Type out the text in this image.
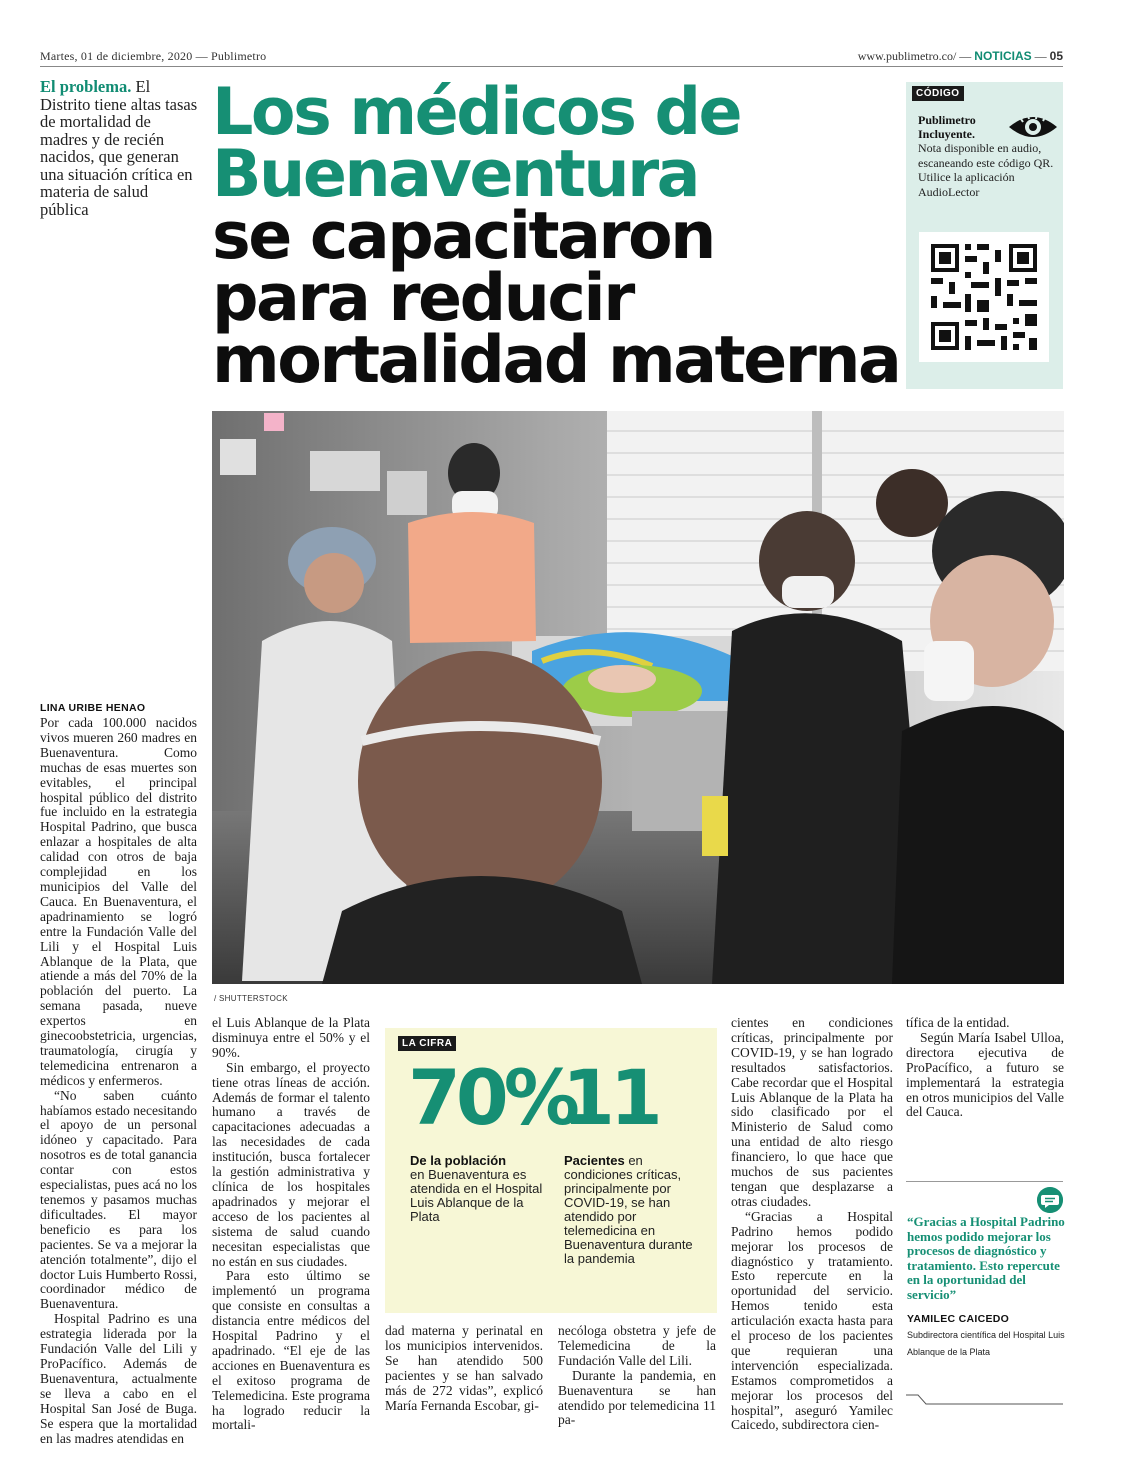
Martes, 01 de diciembre, 2020 — Publimetro	www.publimetro.co/ — NOTICIAS — 05
El problema. El Distrito tiene altas tasas de mortalidad de madres y de recién nacidos, que generan una situación crítica en materia de salud pública
Los médicos de
Buenaventura
se capacitaron
para reducir
mortalidad materna
CÓDIGO
Publimetro
Incluyente.
Nota disponible en audio, escaneando este código QR. Utilice la aplicación AudioLector
/ SHUTTERSTOCK
LINA URIBE HENAO

Por cada 100.000 nacidos vivos mueren 260 madres en Buenaventura. Como muchas de esas muertes son evitables, el principal hospital público del distrito fue incluido en la estrategia Hospital Padrino, que busca enlazar a hospitales de alta calidad con otros de baja complejidad en los municipios del Valle del Cauca. En Buenaventura, el apadrinamiento se logró entre la Fundación Valle del Lili y el Hospital Luis Ablanque de la Plata, que atiende a más del 70% de la población del puerto. La semana pasada, nueve expertos en ginecoobstetricia, urgencias, traumatología, cirugía y telemedicina entrenaron a médicos y enfermeros.

“No saben cuánto habíamos estado necesitando el apoyo de un personal idóneo y capacitado. Para nosotros es de total ganancia contar con estos especialistas, pues acá no los tenemos y pasamos muchas dificultades. El mayor beneficio es para los pacientes. Se va a mejorar la atención totalmente”, dijo el doctor Luis Humberto Rossi, coordinador médico de Buenaventura.

Hospital Padrino es una estrategia liderada por la Fundación Valle del Lili y ProPacífico. Además de Buenaventura, actualmente se lleva a cabo en el Hospital San José de Buga. Se espera que la mortalidad en las madres atendidas en

el Luis Ablanque de la Plata disminuya entre el 50% y el 90%.

Sin embargo, el proyecto tiene otras líneas de acción. Además de formar el talento humano a través de capacitaciones adecuadas a las necesidades de cada institución, busca fortalecer la gestión administrativa y clínica de los hospitales apadrinados y mejorar el acceso de los pacientes al sistema de salud cuando necesitan especialistas que no están en sus ciudades.

Para esto último se implementó un programa que consiste en consultas a distancia entre médicos del Hospital Padrino y el apadrinado. “El eje de las acciones en Buenaventura es el exitoso programa de Telemedicina. Este programa ha logrado reducir la mortali-

LA CIFRA
70%
11
De la población
en Buenaventura es atendida en el Hospital Luis Ablanque de la Plata
Pacientes en condiciones críticas, principalmente por COVID-19, se han atendido por telemedicina en Buenaventura durante la pandemia

dad materna y perinatal en los municipios intervenidos. Se han atendido 500 pacientes y se han salvado más de 272 vidas”, explicó María Fernanda Escobar, gi-

necóloga obstetra y jefe de Telemedicina de la Fundación Valle del Lili.

Durante la pandemia, en Buenaventura se han atendido por telemedicina 11 pa-

cientes en condiciones críticas, principalmente por COVID-19, y se han logrado resultados satisfactorios. Cabe recordar que el Hospital Luis Ablanque de la Plata ha sido clasificado por el Ministerio de Salud como una entidad de alto riesgo financiero, lo que hace que muchos de sus pacientes tengan que desplazarse a otras ciudades.

“Gracias a Hospital Padrino hemos podido mejorar los procesos de diagnóstico y tratamiento. Esto repercute en la oportunidad del servicio. Hemos tenido esta articulación exacta hasta para el proceso de los pacientes que requieran una intervención especializada. Estamos comprometidos a mejorar los procesos del hospital”, aseguró Yamilec Caicedo, subdirectora cien-

tífica de la entidad.

Según María Isabel Ulloa, directora ejecutiva de ProPacífico, a futuro se implementará la estrategia en otros municipios del Valle del Cauca.

“Gracias a Hospital Padrino hemos podido mejorar los procesos de diagnóstico y tratamiento. Esto repercute en la oportunidad del servicio”
YAMILEC CAICEDO
Subdirectora científica del Hospital Luis Ablanque de la Plata
